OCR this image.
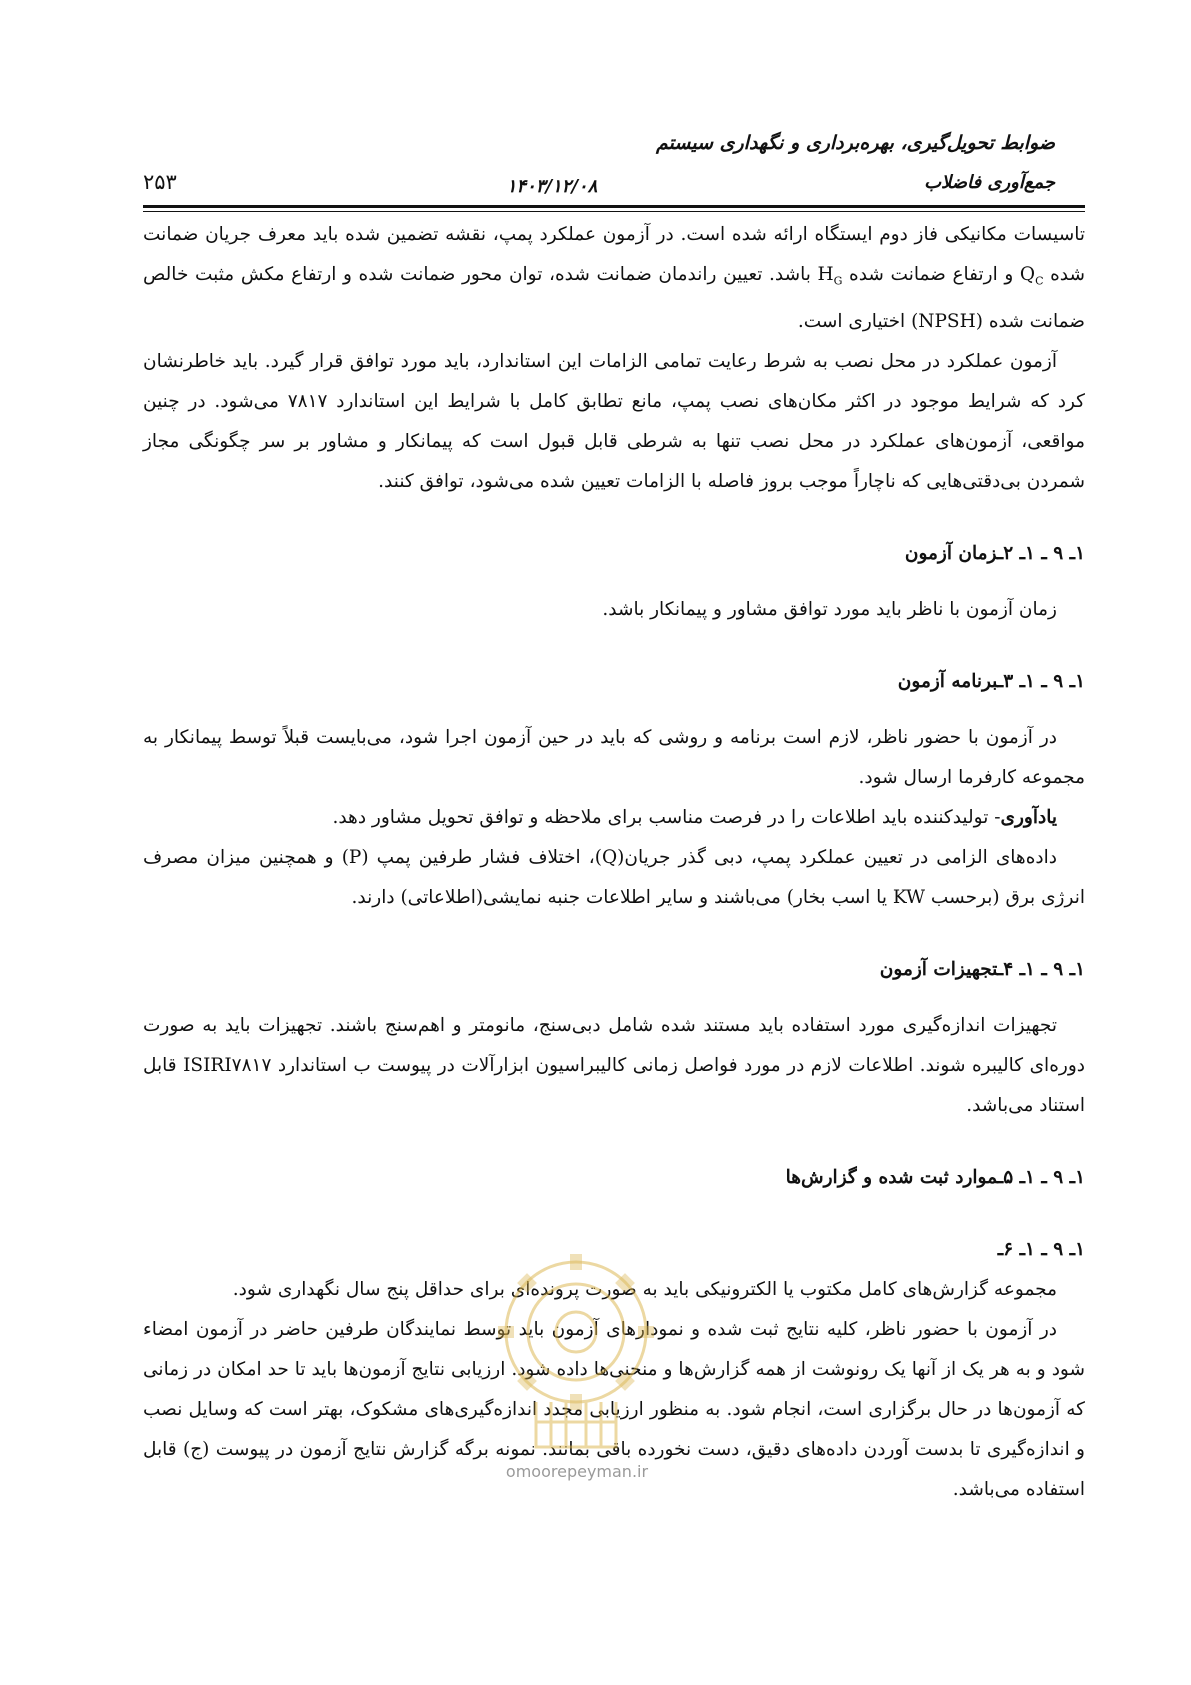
ضوابط تحویل‌گیری، بهره‌برداری و نگهداری سیستم
جمع‌آوری فاضلاب
۱۴۰۳/۱۲/۰۸
۲۵۳

تاسیسات مکانیکی فاز دوم ایستگاه ارائه شده است. در آزمون عملکرد پمپ، نقشه تضمین شده باید معرف جریان ضمانت شده $Q_C$ و ارتفاع ضمانت شده $H_G$ باشد. تعیین راندمان ضمانت شده، توان محور ضمانت شده و ارتفاع مکش مثبت خالص ضمانت شده (NPSH) اختیاری است.

آزمون عملکرد در محل نصب به شرط رعایت تمامی الزامات این استاندارد، باید مورد توافق قرار گیرد. باید خاطرنشان کرد که شرایط موجود در اکثر مکان‌های نصب پمپ، مانع تطابق کامل با شرایط این استاندارد ۷۸۱۷ می‌شود. در چنین مواقعی، آزمون‌های عملکرد در محل نصب تنها به شرطی قابل قبول است که پیمانکار و مشاور بر سر چگونگی مجاز شمردن بی‌دقتی‌هایی که ناچاراً موجب بروز فاصله با الزامات تعیین شده می‌شود، توافق کنند.

۱ـ ۹ ـ ۱ـ ۲ـزمان آزمون

زمان آزمون با ناظر باید مورد توافق مشاور و پیمانکار باشد.

۱ـ ۹ ـ ۱ـ ۳ـبرنامه آزمون

در آزمون با حضور ناظر، لازم است برنامه و روشی که باید در حین آزمون اجرا شود، می‌بایست قبلاً توسط پیمانکار به مجموعه کارفرما ارسال شود.

یادآوری- تولیدکننده باید اطلاعات را در فرصت مناسب برای ملاحظه و توافق تحویل مشاور دهد.

داده‌های الزامی در تعیین عملکرد پمپ، دبی گذر جریان(Q)، اختلاف فشار طرفین پمپ (P) و همچنین میزان مصرف انرژی برق (برحسب KW یا اسب بخار) می‌باشند و سایر اطلاعات جنبه نمایشی(اطلاعاتی) دارند.

۱ـ ۹ ـ ۱ـ ۴ـتجهیزات آزمون

تجهیزات اندازه‌گیری مورد استفاده باید مستند شده شامل دبی‌سنج، مانومتر و اهم‌سنج باشند. تجهیزات باید به صورت دوره‌ای کالیبره شوند. اطلاعات لازم در مورد فواصل زمانی کالیبراسیون ابزارآلات در پیوست ب استاندارد ISIRI۷۸۱۷ قابل استناد می‌باشد.

۱ـ ۹ ـ ۱ـ ۵ـموارد ثبت شده و گزارش‌ها
۱ـ ۹ ـ ۱ـ ۶ـ

مجموعه گزارش‌های کامل مکتوب یا الکترونیکی باید به صورت پرونده‌ای برای حداقل پنج سال نگهداری شود.

در آزمون با حضور ناظر، کلیه نتایج ثبت شده و نمودارهای آزمون باید توسط نمایندگان طرفین حاضر در آزمون امضاء شود و به هر یک از آنها یک رونوشت از همه گزارش‌ها و منحنی‌ها داده شود. ارزیابی نتایج آزمون‌ها باید تا حد امکان در زمانی که آزمون‌ها در حال برگزاری است، انجام شود. به منظور ارزیابی مجدد اندازه‌گیری‌های مشکوک، بهتر است که وسایل نصب و اندازه‌گیری تا بدست آوردن داده‌های دقیق، دست نخورده باقی بمانند. نمونه برگه گزارش نتایج آزمون در پیوست (ج) قابل استفاده می‌باشد.

omoorepeyman.ir
